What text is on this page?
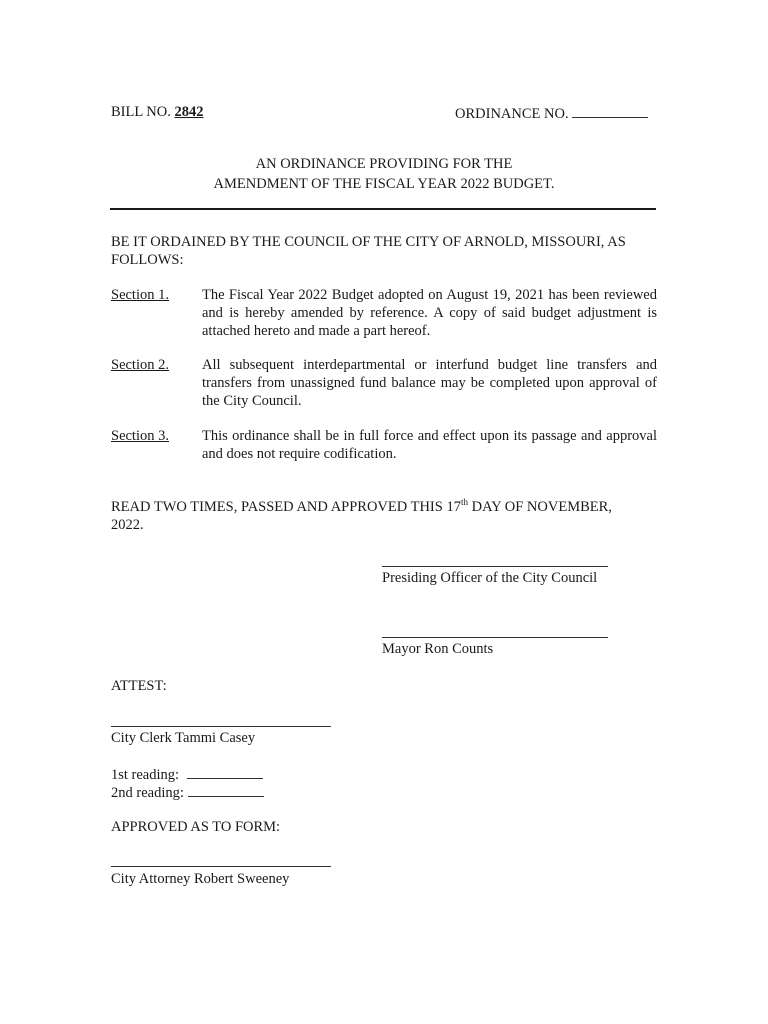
BILL NO. 2842	ORDINANCE NO.
AN ORDINANCE PROVIDING FOR THE
AMENDMENT OF THE FISCAL YEAR 2022 BUDGET.
BE IT ORDAINED BY THE COUNCIL OF THE CITY OF ARNOLD, MISSOURI, AS
FOLLOWS:
Section 1. The Fiscal Year 2022 Budget adopted on August 19, 2021 has been reviewed and is hereby amended by reference. A copy of said budget adjustment is attached hereto and made a part hereof.
Section 2. All subsequent interdepartmental or interfund budget line transfers and transfers from unassigned fund balance may be completed upon approval of the City Council.
Section 3. This ordinance shall be in full force and effect upon its passage and approval and does not require codification.
READ TWO TIMES, PASSED AND APPROVED THIS 17th DAY OF NOVEMBER,
2022.
Presiding Officer of the City Council
Mayor Ron Counts
ATTEST:
City Clerk Tammi Casey
1st reading:
2nd reading:
APPROVED AS TO FORM:
City Attorney Robert Sweeney
